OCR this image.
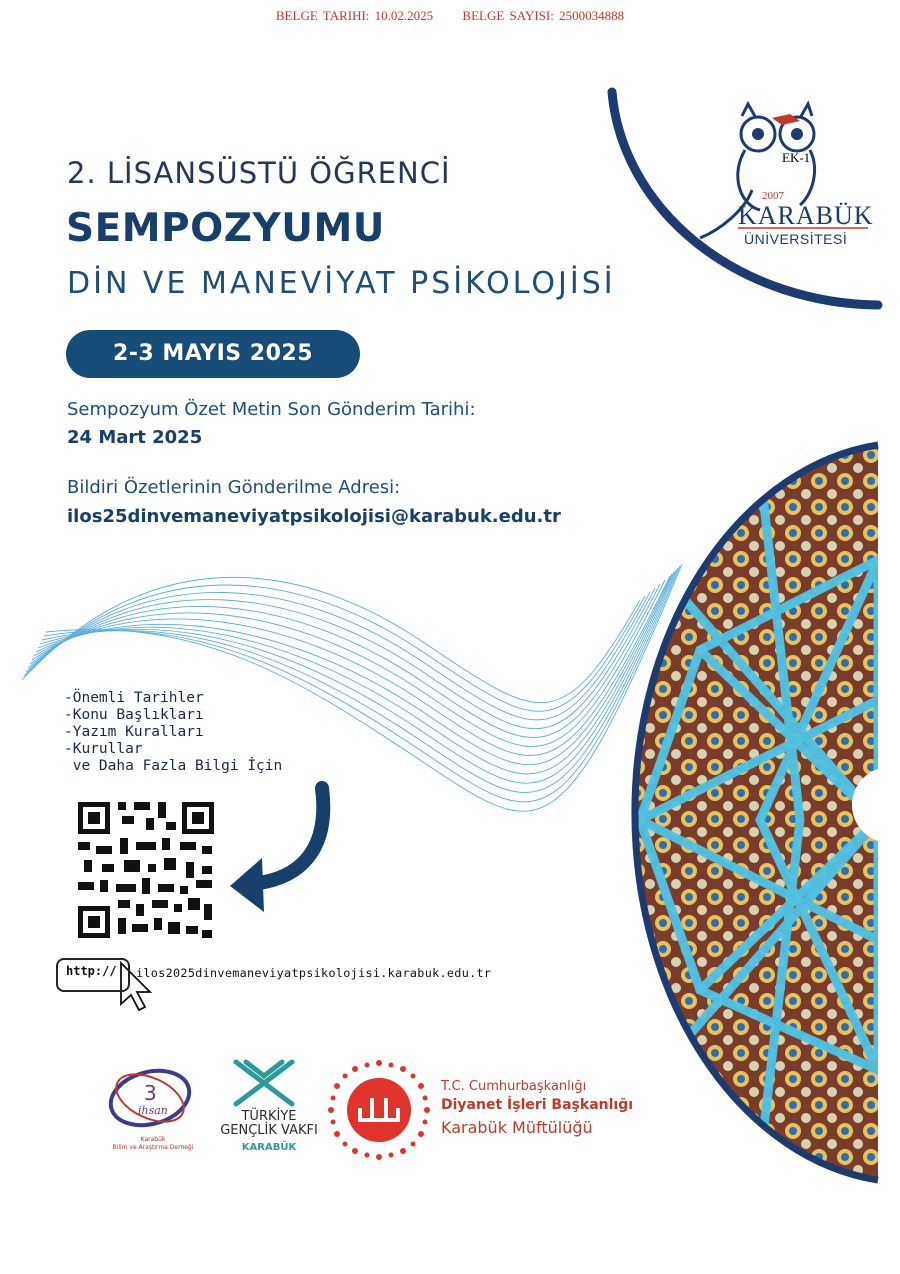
BELGE TARIHI: 10.02.2025 BELGE SAYISI: 2500034888
2007
KARABÜK
ÜNİVERSİTESİ
EK-1
2. LİSANSÜSTÜ ÖĞRENCİ
SEMPOZYUMU
DİN VE MANEVİYAT PSİKOLOJİSİ
2-3 MAYIS 2025
Sempozyum Özet Metin Son Gönderim Tarihi:
24 Mart 2025
Bildiri Özetlerinin Gönderilme Adresi:
ilos25dinvemaneviyatpsikolojisi@karabuk.edu.tr
-Önemli Tarihler
-Konu Başlıkları
-Yazım Kuralları
-Kurullar
ve Daha Fazla Bilgi İçin
http:// ilos2025dinvemaneviyatpsikolojisi.karabuk.edu.tr
3
ihsan
Karabük
Bilim ve Araştırma Derneği
TÜRKİYE
GENÇLİK VAKFI
KARABÜK
T.C. Cumhurbaşkanlığı
Diyanet İşleri Başkanlığı
Karabük Müftülüğü
